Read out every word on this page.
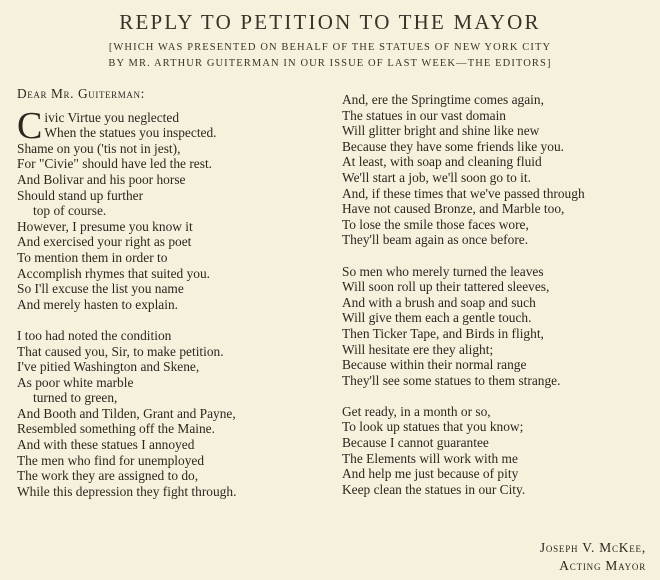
REPLY TO PETITION TO THE MAYOR
[WHICH WAS PRESENTED ON BEHALF OF THE STATUES OF NEW YORK CITY
BY MR. ARTHUR GUITERMAN IN OUR ISSUE OF LAST WEEK—THE EDITORS]
Dear Mr. Guiterman:
C ivic Virtue you neglected
When the statues you inspected.
Shame on you ('tis not in jest),
For "Civie" should have led the rest.
And Bolivar and his poor horse
Should stand up further
top of course.
However, I presume you know it
And exercised your right as poet
To mention them in order to
Accomplish rhymes that suited you.
So I'll excuse the list you name
And merely hasten to explain.
I too had noted the condition
That caused you, Sir, to make petition.
I've pitied Washington and Skene,
As poor white marble
turned to green,
And Booth and Tilden, Grant and Payne,
Resembled something off the Maine.
And with these statues I annoyed
The men who find for unemployed
The work they are assigned to do,
While this depression they fight through.
And, ere the Springtime comes again,
The statues in our vast domain
Will glitter bright and shine like new
Because they have some friends like you.
At least, with soap and cleaning fluid
We'll start a job, we'll soon go to it.
And, if these times that we've passed through
Have not caused Bronze, and Marble too,
To lose the smile those faces wore,
They'll beam again as once before.
So men who merely turned the leaves
Will soon roll up their tattered sleeves,
And with a brush and soap and such
Will give them each a gentle touch.
Then Ticker Tape, and Birds in flight,
Will hesitate ere they alight;
Because within their normal range
They'll see some statues to them strange.
Get ready, in a month or so,
To look up statues that you know;
Because I cannot guarantee
The Elements will work with me
And help me just because of pity
Keep clean the statues in our City.
Joseph V. McKee,
Acting Mayor
